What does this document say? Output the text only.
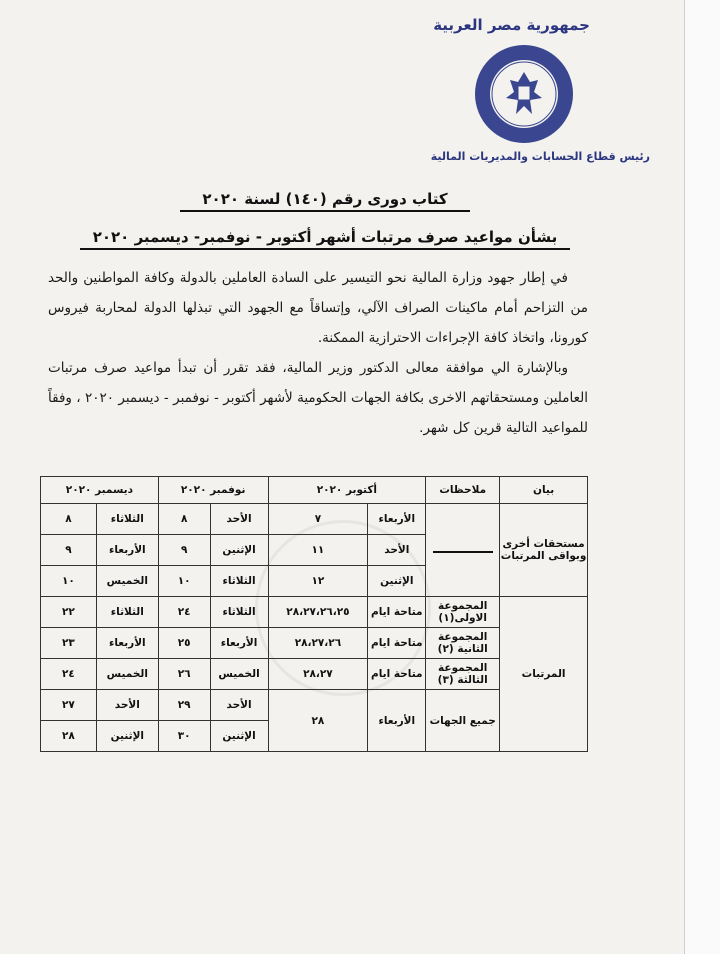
جمهورية مصر العربية
رئيس قطاع الحسابات والمديريات المالية
كتاب دورى رقم (١٤٠) لسنة ٢٠٢٠
بشأن مواعيد صرف مرتبات أشهر أكتوبر - نوفمبر- ديسمبر ٢٠٢٠

في إطار جهود وزارة المالية نحو التيسير على السادة العاملين بالدولة وكافة المواطنين والحد من التزاحم أمام ماكينات الصراف الآلي، وإتساقاً مع الجهود التي تبذلها الدولة لمحاربة فيروس كورونا، واتخاذ كافة الإجراءات الاحترازية الممكنة.

وبالإشارة الي موافقة معالى الدكتور وزير المالية، فقد تقرر أن تبدأ مواعيد صرف مرتبات العاملين ومستحقاتهم الاخرى بكافة الجهات الحكومية لأشهر أكتوبر - نوفمبر - ديسمبر ٢٠٢٠ ، وفقاً للمواعيد التالية قرين كل شهر.

بيان	ملاحظات	أكتوبر ٢٠٢٠		نوفمبر ٢٠٢٠		ديسمبر ٢٠٢٠	
مستحقات أخرى وبواقى المرتبات		الأربعاء	٧	الأحد	٨	الثلاثاء	٨
		الأحد	١١	الإثنين	٩	الأربعاء	٩
		الإثنين	١٢	الثلاثاء	١٠	الخميس	١٠
المرتبات	المجموعة الاولى(١)	متاحة ايام	٢٨،٢٧،٢٦،٢٥	الثلاثاء	٢٤	الثلاثاء	٢٢
	المجموعة الثانية (٢)	متاحة ايام	٢٨،٢٧،٢٦	الأربعاء	٢٥	الأربعاء	٢٣
	المجموعة الثالثة (٣)	متاحة ايام	٢٨،٢٧	الخميس	٢٦	الخميس	٢٤
	جميع الجهات	الأربعاء	٢٨	الأحد	٢٩	الأحد	٢٧
				الإثنين	٣٠	الإثنين	٢٨
